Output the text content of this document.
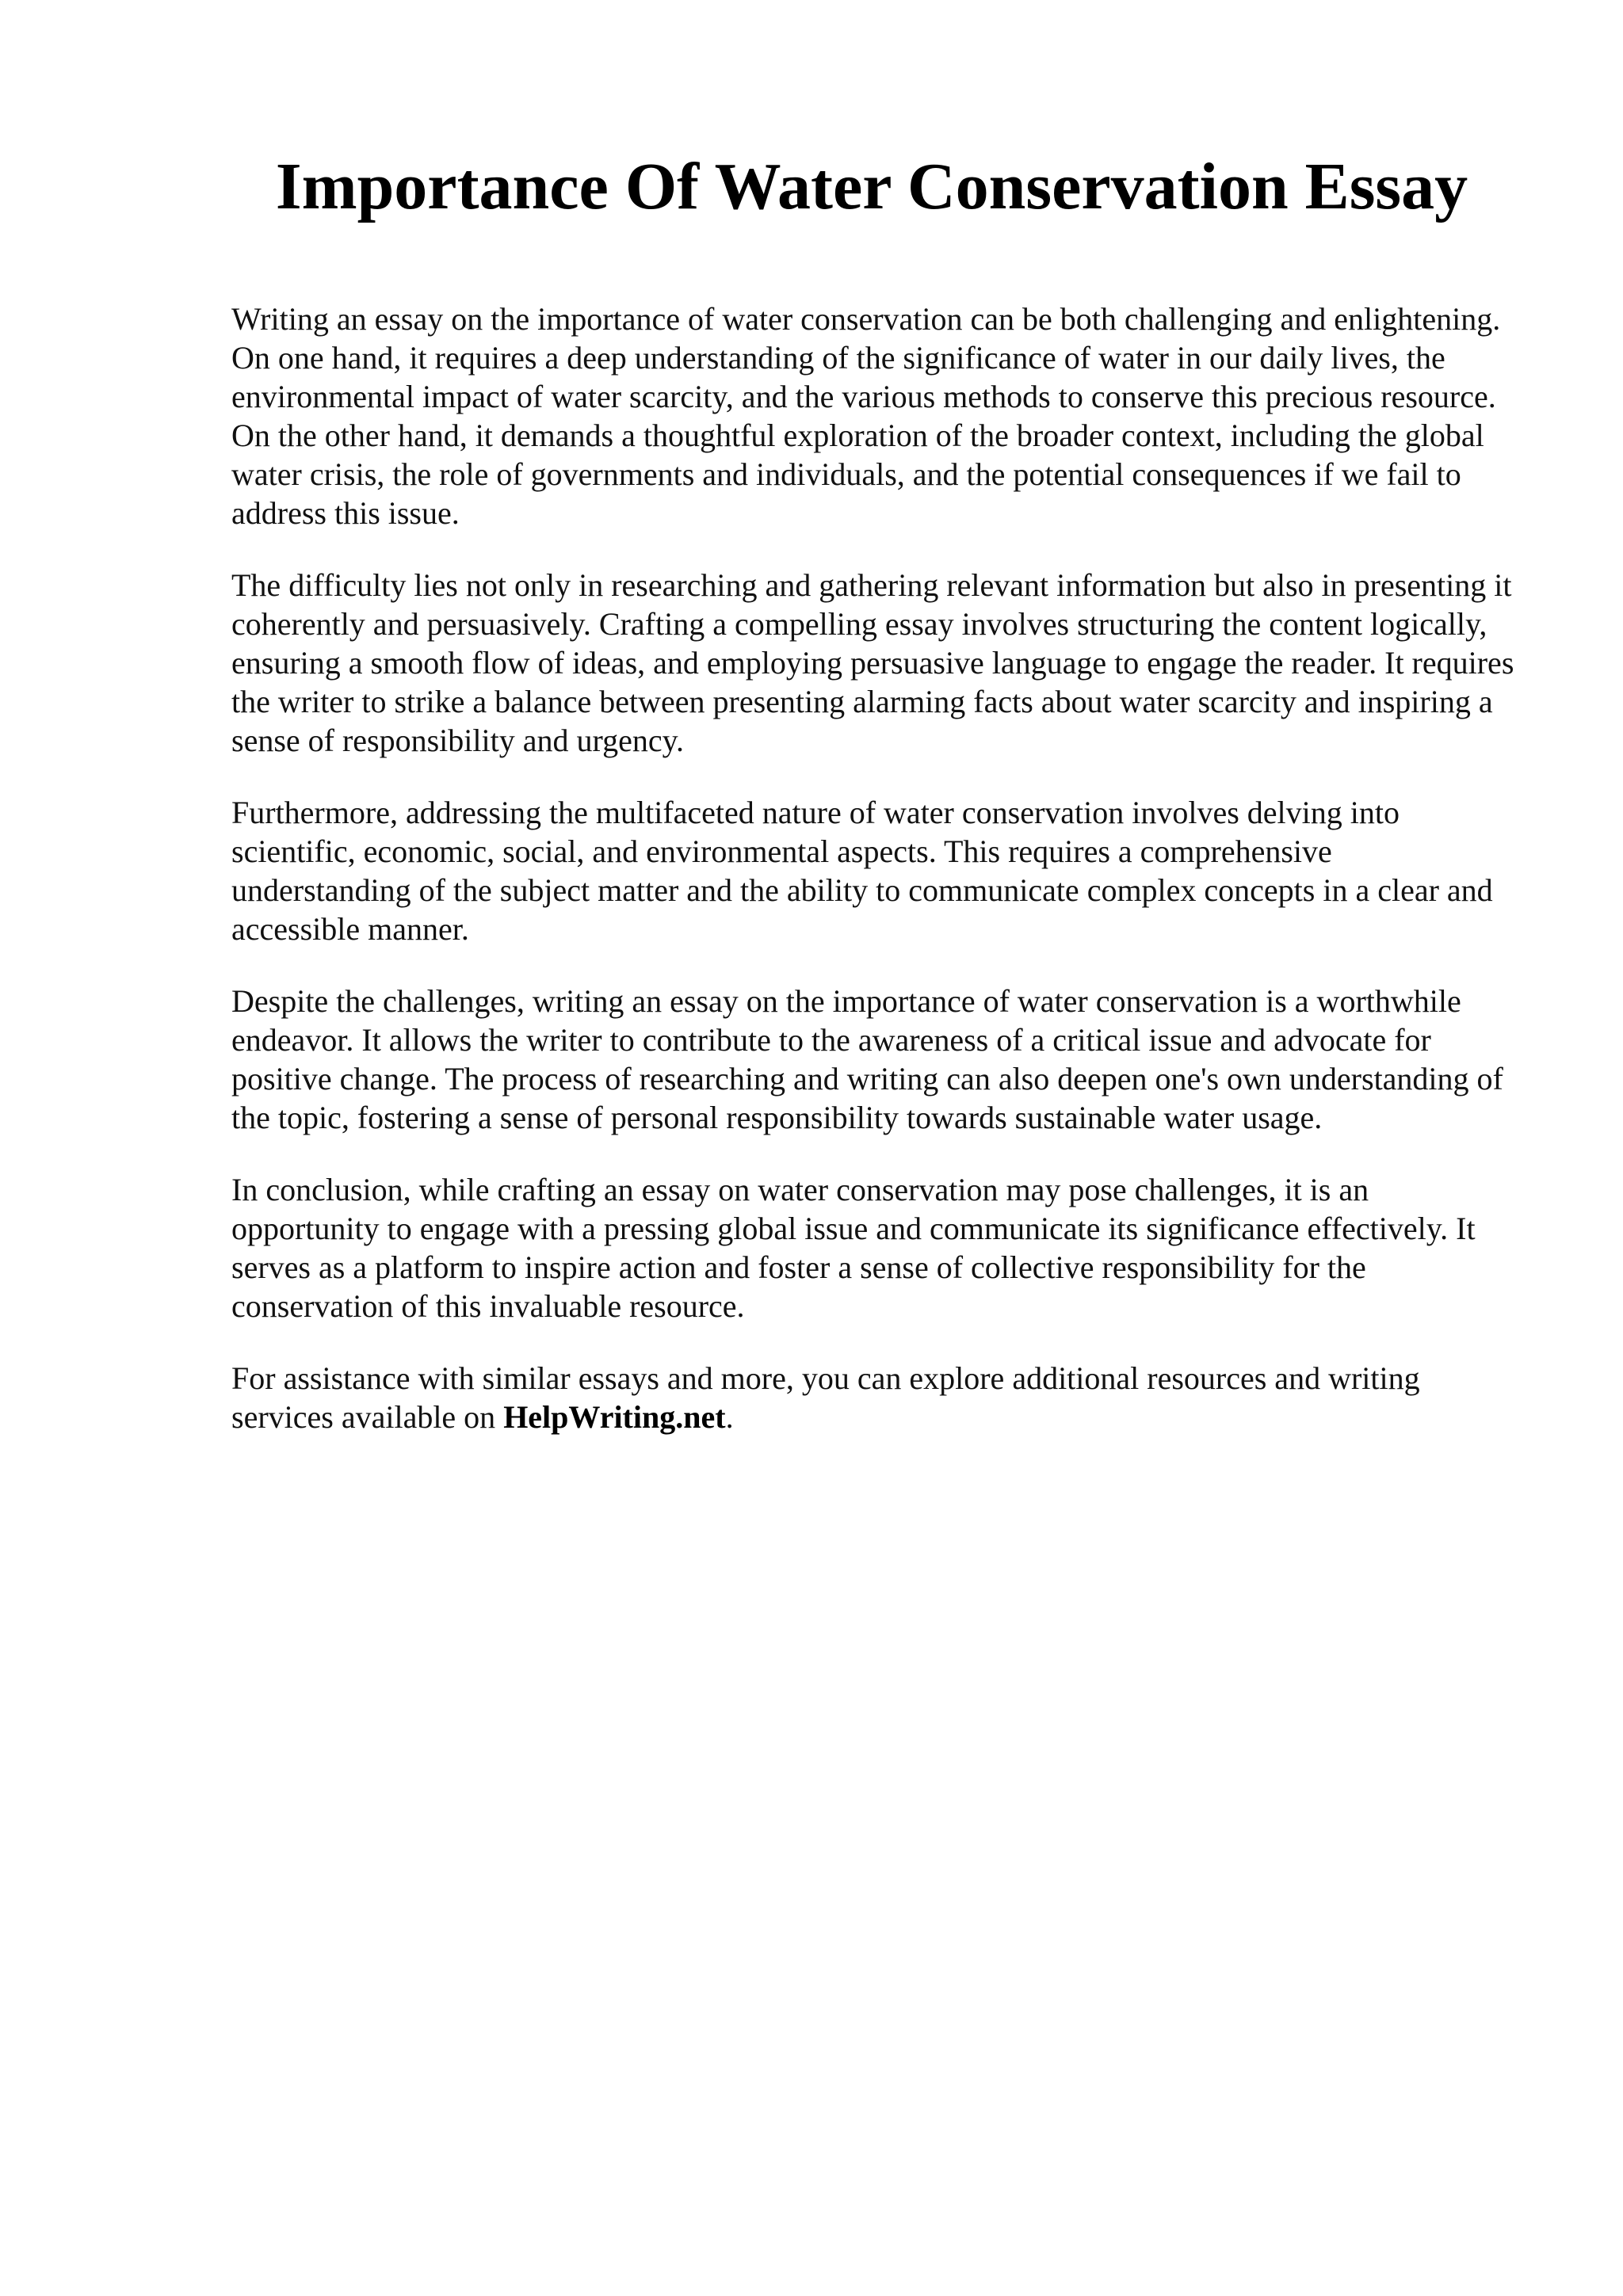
Importance Of Water Conservation Essay

Writing an essay on the importance of water conservation can be both challenging and enlightening. On one hand, it requires a deep understanding of the significance of water in our daily lives, the environmental impact of water scarcity, and the various methods to conserve this precious resource. On the other hand, it demands a thoughtful exploration of the broader context, including the global water crisis, the role of governments and individuals, and the potential consequences if we fail to address this issue.

The difficulty lies not only in researching and gathering relevant information but also in presenting it coherently and persuasively. Crafting a compelling essay involves structuring the content logically, ensuring a smooth flow of ideas, and employing persuasive language to engage the reader. It requires the writer to strike a balance between presenting alarming facts about water scarcity and inspiring a sense of responsibility and urgency.

Furthermore, addressing the multifaceted nature of water conservation involves delving into scientific, economic, social, and environmental aspects. This requires a comprehensive understanding of the subject matter and the ability to communicate complex concepts in a clear and accessible manner.

Despite the challenges, writing an essay on the importance of water conservation is a worthwhile endeavor. It allows the writer to contribute to the awareness of a critical issue and advocate for positive change. The process of researching and writing can also deepen one's own understanding of the topic, fostering a sense of personal responsibility towards sustainable water usage.

In conclusion, while crafting an essay on water conservation may pose challenges, it is an opportunity to engage with a pressing global issue and communicate its significance effectively. It serves as a platform to inspire action and foster a sense of collective responsibility for the conservation of this invaluable resource.

For assistance with similar essays and more, you can explore additional resources and writing services available on HelpWriting.net.
